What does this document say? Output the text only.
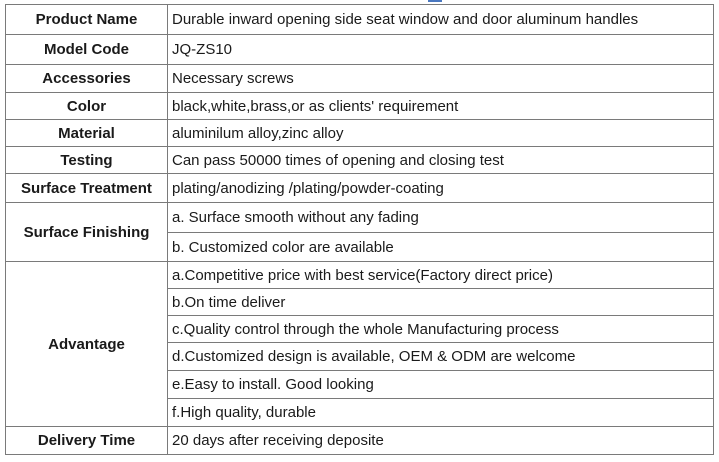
Product Name	Durable inward opening side seat window and door aluminum handles
Model Code	JQ-ZS10
Accessories	Necessary screws
Color	black,white,brass,or as clients' requirement
Material	aluminilum alloy,zinc alloy
Testing	Can pass 50000 times of opening and closing test
Surface Treatment	plating/anodizing /plating/powder-coating
Surface Finishing	a. Surface smooth without any fading
	b. Customized color are available
Advantage	a.Competitive price with best service(Factory direct price)
	b.On time deliver
	c.Quality control through the whole Manufacturing process
	d.Customized design is available, OEM & ODM are welcome
	e.Easy to install. Good looking
	f.High quality, durable
Delivery Time	20 days after receiving deposite
